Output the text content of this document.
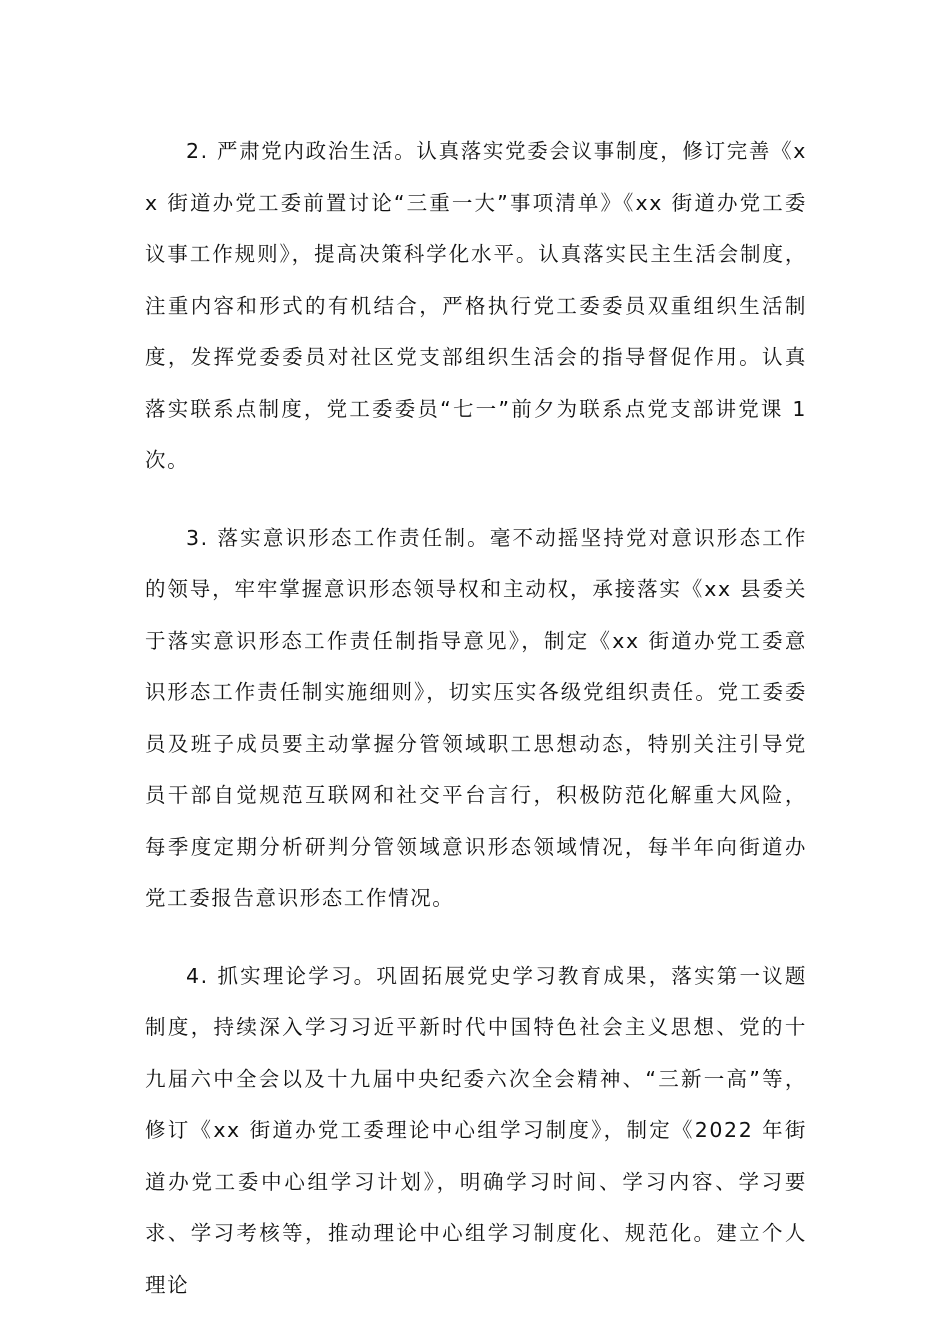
2. 严肃党内政治生活。认真落实党委会议事制度，修订完善《xx 街道办党工委前置讨论“三重一大”事项清单》《xx 街道办党工委议事工作规则》，提高决策科学化水平。认真落实民主生活会制度，注重内容和形式的有机结合，严格执行党工委委员双重组织生活制度，发挥党委委员对社区党支部组织生活会的指导督促作用。认真落实联系点制度，党工委委员“七一”前夕为联系点党支部讲党课 1 次。

3. 落实意识形态工作责任制。毫不动摇坚持党对意识形态工作的领导，牢牢掌握意识形态领导权和主动权，承接落实《xx 县委关于落实意识形态工作责任制指导意见》，制定《xx 街道办党工委意识形态工作责任制实施细则》，切实压实各级党组织责任。党工委委员及班子成员要主动掌握分管领域职工思想动态，特别关注引导党员干部自觉规范互联网和社交平台言行，积极防范化解重大风险，每季度定期分析研判分管领域意识形态领域情况，每半年向街道办党工委报告意识形态工作情况。

4. 抓实理论学习。巩固拓展党史学习教育成果，落实第一议题制度，持续深入学习习近平新时代中国特色社会主义思想、党的十九届六中全会以及十九届中央纪委六次全会精神、“三新一高”等，修订《xx 街道办党工委理论中心组学习制度》，制定《2022 年街道办党工委中心组学习计划》，明确学习时间、学习内容、学习要求、学习考核等，推动理论中心组学习制度化、规范化。建立个人理论
